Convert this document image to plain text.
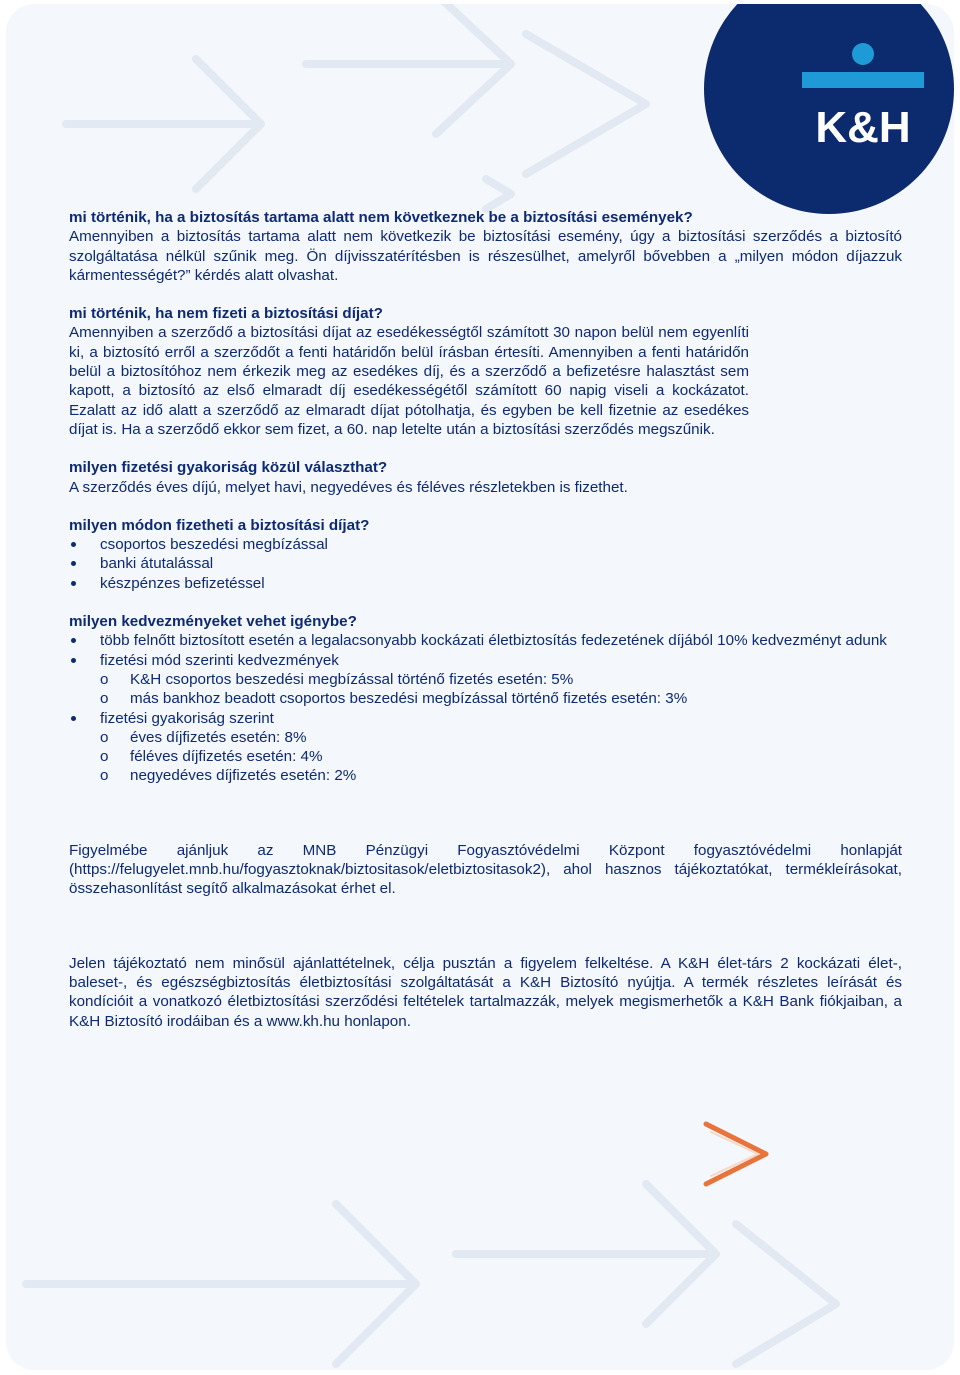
K&H

mi történik, ha a biztosítás tartama alatt nem következnek be a biztosítási események?

Amennyiben a biztosítás tartama alatt nem következik be biztosítási esemény, úgy a biztosítási szerződés a biztosító szolgáltatása nélkül szűnik meg. Ön díjvisszatérítésben is részesülhet, amelyről bővebben a „milyen módon díjazzuk kármentességét?” kérdés alatt olvashat.

mi történik, ha nem fizeti a biztosítási díjat?

Amennyiben a szerződő a biztosítási díjat az esedékességtől számított 30 napon belül nem egyenlíti ki, a biztosító erről a szerződőt a fenti határidőn belül írásban értesíti. Amennyiben a fenti határidőn belül a biztosítóhoz nem érkezik meg az esedékes díj, és a szerződő a befizetésre halasztást sem kapott, a biztosító az első elmaradt díj esedékességétől számított 60 napig viseli a kockázatot. Ezalatt az idő alatt a szerződő az elmaradt díjat pótolhatja, és egyben be kell fizetnie az esedékes díjat is. Ha a szerződő ekkor sem fizet, a 60. nap letelte után a biztosítási szerződés megszűnik.

milyen fizetési gyakoriság közül választhat?

A szerződés éves díjú, melyet havi, negyedéves és féléves részletekben is fizethet.

milyen módon fizetheti a biztosítási díjat?

csoportos beszedési megbízással
banki átutalással
készpénzes befizetéssel

milyen kedvezményeket vehet igénybe?

több felnőtt biztosított esetén a legalacsonyabb kockázati életbiztosítás fedezetének díjából 10% kedvezményt adunk
fizetési mód szerinti kedvezmények
o K&H csoportos beszedési megbízással történő fizetés esetén: 5%
o más bankhoz beadott csoportos beszedési megbízással történő fizetés esetén: 3%
fizetési gyakoriság szerint
o éves díjfizetés esetén: 8%
o féléves díjfizetés esetén: 4%
o negyedéves díjfizetés esetén: 2%

Figyelmébe ajánljuk az MNB Pénzügyi Fogyasztóvédelmi Központ fogyasztóvédelmi honlapját (https://felugyelet.mnb.hu/fogyasztoknak/biztositasok/eletbiztositasok2), ahol hasznos tájékoztatókat, termékleírásokat, összehasonlítást segítő alkalmazásokat érhet el.

Jelen tájékoztató nem minősül ajánlattételnek, célja pusztán a figyelem felkeltése. A K&H élet-társ 2 kockázati élet-, baleset-, és egészségbiztosítás életbiztosítási szolgáltatását a K&H Biztosító nyújtja. A termék részletes leírását és kondícióit a vonatkozó életbiztosítási szerződési feltételek tartalmazzák, melyek megismerhetők a K&H Bank fiókjaiban, a K&H Biztosító irodáiban és a www.kh.hu honlapon.
